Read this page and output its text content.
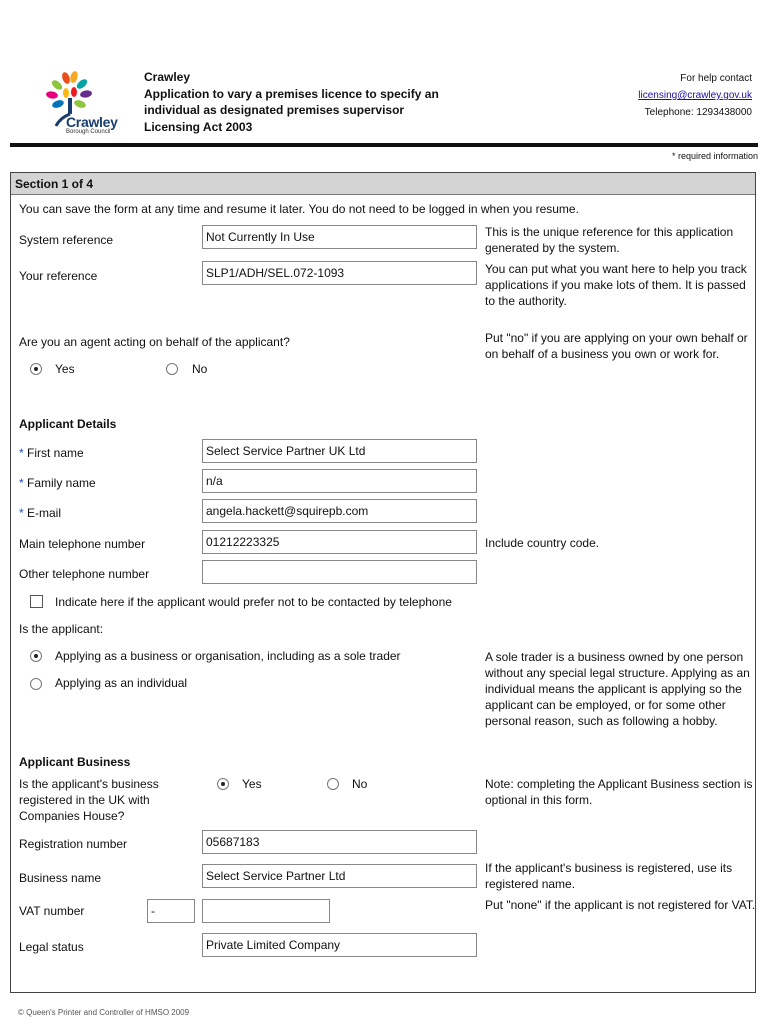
Crawley
Borough Council
Crawley
Application to vary a premises licence to specify an
individual as designated premises supervisor
Licensing Act 2003
For help contact
licensing@crawley.gov.uk
Telephone: 1293438000
* required information
Section 1 of 4
You can save the form at any time and resume it later. You do not need to be logged in when you resume.
System reference	Not Currently In Use	This is the unique reference for this application generated by the system.
Your reference	SLP1/ADH/SEL.072-1093	You can put what you want here to help you track applications if you make lots of them. It is passed to the authority.
Are you an agent acting on behalf of the applicant?
Yes	No
Put "no" if you are applying on your own behalf or on behalf of a business you own or work for.
Applicant Details
* First name	Select Service Partner UK Ltd
* Family name	n/a
* E-mail	angela.hackett@squirepb.com
Main telephone number	01212223325	Include country code.
Other telephone number
Indicate here if the applicant would prefer not to be contacted by telephone
Is the applicant:
Applying as a business or organisation, including as a sole trader
Applying as an individual
A sole trader is a business owned by one person without any special legal structure. Applying as an individual means the applicant is applying so the applicant can be employed, or for some other personal reason, such as following a hobby.
Applicant Business
Is the applicant's business registered in the UK with Companies House?
Yes	No	Note: completing the Applicant Business section is optional in this form.
Registration number	05687183
Business name	Select Service Partner Ltd
If the applicant's business is registered, use its registered name.
VAT number	-	Put "none" if the applicant is not registered for VAT.
Legal status	Private Limited Company
© Queen's Printer and Controller of HMSO 2009
